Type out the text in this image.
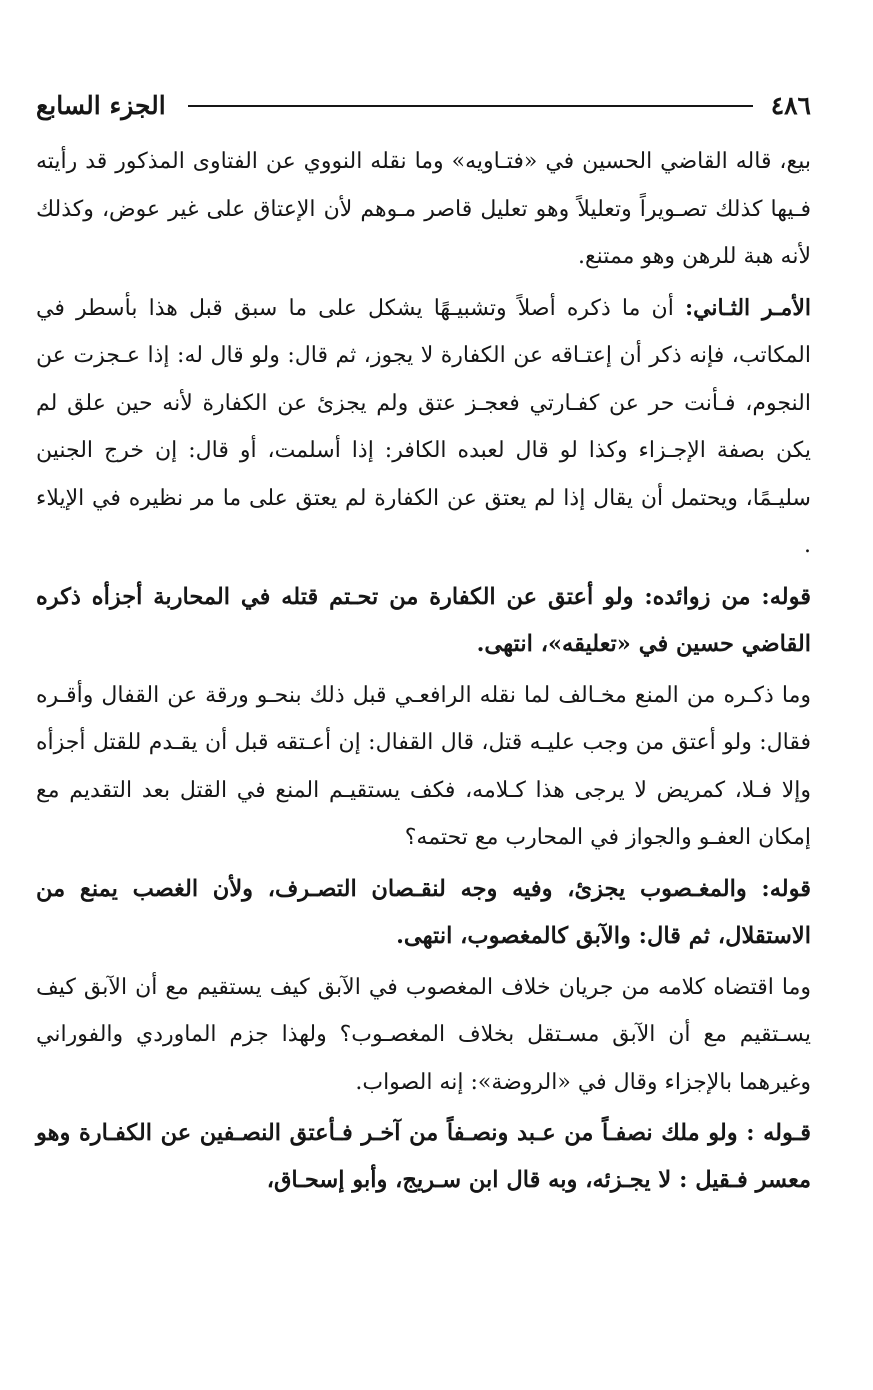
٤٨٦
الجزء السابع

بيع، قاله القاضي الحسين في «فتـاويه» وما نقله النووي عن الفتاوى المذكور قد رأيته فـيها كذلك تصـويراً وتعليلاً وهو تعليل قاصر مـوهم لأن الإعتاق على غير عوض، وكذلك لأنه هبة للرهن وهو ممتنع.

الأمـر الثـاني: أن ما ذكره أصلاً وتشبيـهًا يشكل على ما سبق قبل هذا بأسطر في المكاتب، فإنه ذكر أن إعتـاقه عن الكفارة لا يجوز، ثم قال: ولو قال له: إذا عـجزت عن النجوم، فـأنت حر عن كفـارتي فعجـز عتق ولم يجزئ عن الكفارة لأنه حين علق لم يكن بصفة الإجـزاء وكذا لو قال لعبده الكافر: إذا أسلمت، أو قال: إن خرج الجنين سليـمًا، ويحتمل أن يقال إذا لم يعتق عن الكفارة لم يعتق على ما مر نظيره في الإيلاء .

قوله: من زوائده: ولو أعتق عن الكفارة من تحـتم قتله في المحاربة أجزأه ذكره القاضي حسين في «تعليقه»، انتهى.

وما ذكـره من المنع مخـالف لما نقله الرافعـي قبل ذلك بنحـو ورقة عن القفال وأقـره فقال: ولو أعتق من وجب عليـه قتل، قال القفال: إن أعـتقه قبل أن يقـدم للقتل أجزأه وإلا فـلا، كمريض لا يرجى هذا كـلامه، فكف يستقيـم المنع في القتل بعد التقديم مع إمكان العفـو والجواز في المحارب مع تحتمه؟

قوله: والمغـصوب يجزئ، وفيه وجه لنقـصان التصـرف، ولأن الغصب يمنع من الاستقلال، ثم قال: والآبق كالمغصوب، انتهى.

وما اقتضاه كلامه من جريان خلاف المغصوب في الآبق كيف يستقيم مع أن الآبق كيف يسـتقيم مع أن الآبق مسـتقل بخلاف المغصـوب؟ ولهذا جزم الماوردي والفوراني وغيرهما بالإجزاء وقال في «الروضة»: إنه الصواب.

قـوله : ولو ملك نصفـاً من عـبد ونصـفاً من آخـر فـأعتق النصـفين عن الكفـارة وهو معسر فـقيل : لا يجـزئه، وبه قال ابن سـريج، وأبو إسحـاق،
